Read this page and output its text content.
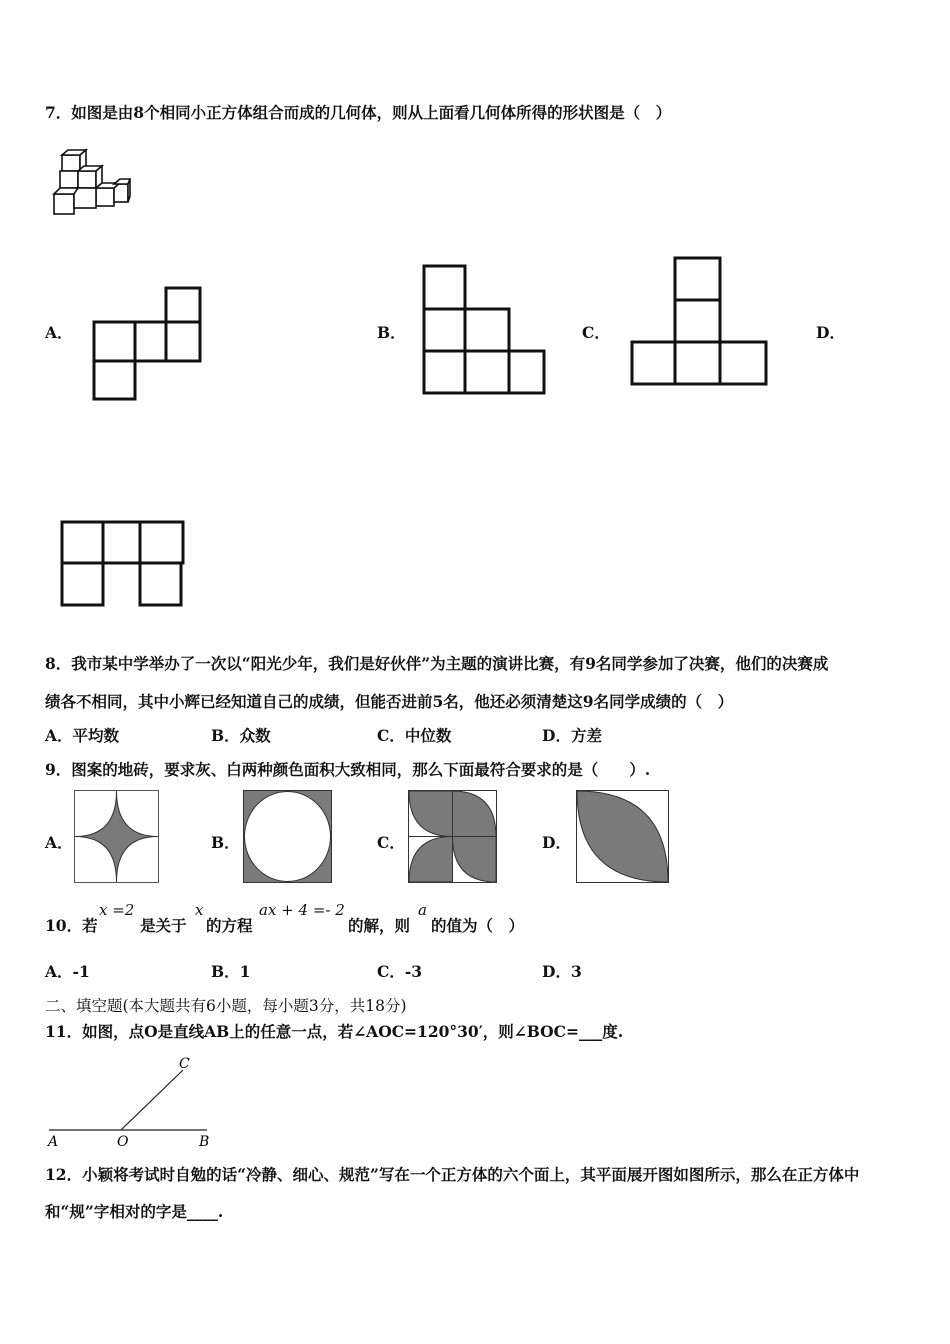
7．如图是由8个相同小正方体组合而成的几何体，则从上面看几何体所得的形状图是（　）
A．	B．	C．	D．
8．我市某中学举办了一次以“阳光少年，我们是好伙伴”为主题的演讲比赛，有9名同学参加了决赛，他们的决赛成
绩各不相同，其中小辉已经知道自己的成绩，但能否进前5名，他还必须清楚这9名同学成绩的（　）
A．平均数	B．众数	C．中位数	D．方差
9．图案的地砖，要求灰、白两种颜色面积大致相同，那么下面最符合要求的是（　　）.
A．	B．	C．	D．
10．若
x =2
是关于
x
的方程
ax + 4 =- 2
的解，则
a
的值为（　）
A．-1	B．1	C．-3	D．3
二、填空题(本大题共有6小题，每小题3分，共18分)
11．如图，点O是直线AB上的任意一点，若∠AOC=120°30′，则∠BOC=___度.
A	O	B
C
12．小颖将考试时自勉的话“冷静、细心、规范”写在一个正方体的六个面上，其平面展开图如图所示，那么在正方体中
和“规”字相对的字是____.
